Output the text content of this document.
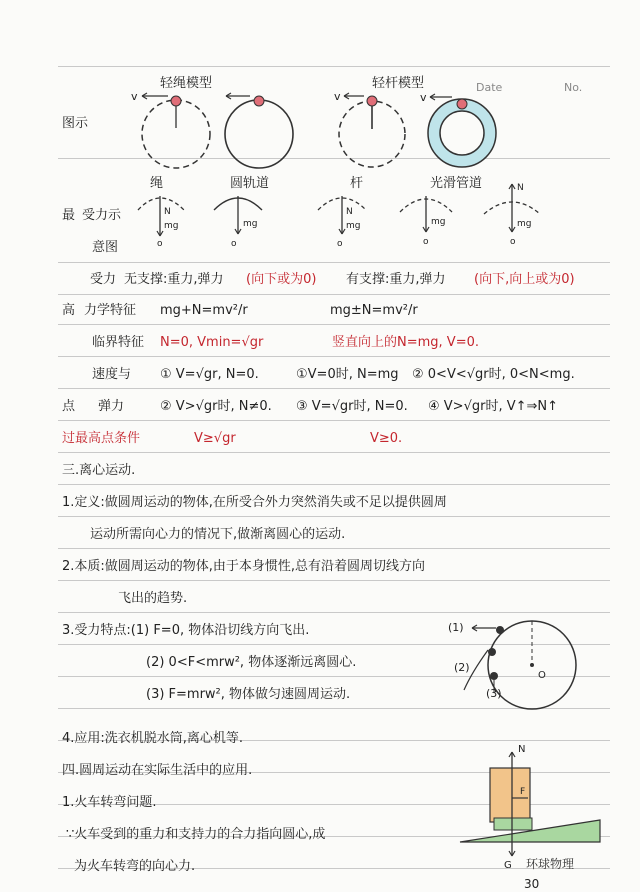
轻绳模型	轻杆模型	Date	No.
图示
v	v	v
N
mg
o
mg
o
N
mg
o
mg
o
N
mg
o
O
N
G
F
绳	圆轨道	杆	光滑管道
最 受力示
意图
受力 无支撑:重力,弹力 (向下或为0) 有支撑:重力,弹力 (向下,向上或为0)
高 力学特征 mg+N=mv²/r	mg±N=mv²/r
临界特征 N=0, Vmin=√gr	竖直向上的N=mg, V=0.
速度与 ① V=√gr, N=0.	①V=0时, N=mg ② 0<V<√gr时, 0<N<mg.
点 弹力	② V>√gr时, N≠0. ③ V=√gr时, N=0. ④ V>√gr时, V↑⇒N↑
过最高点条件	V≥√gr	V≥0.
三.离心运动.
1.定义:做圆周运动的物体,在所受合外力突然消失或不足以提供圆周
运动所需向心力的情况下,做渐离圆心的运动.
2.本质:做圆周运动的物体,由于本身惯性,总有沿着圆周切线方向
飞出的趋势.
3.受力特点:(1) F=0, 物体沿切线方向飞出.
(2) 0<F<mrw², 物体逐渐远离圆心.
(3) F=mrw², 物体做匀速圆周运动.
(1)
(2)
(3)
4.应用:洗衣机脱水筒,离心机等.
四.圆周运动在实际生活中的应用.
1.火车转弯问题.
∵火车受到的重力和支持力的合力指向圆心,成
为火车转弯的向心力.	环球物理
30
